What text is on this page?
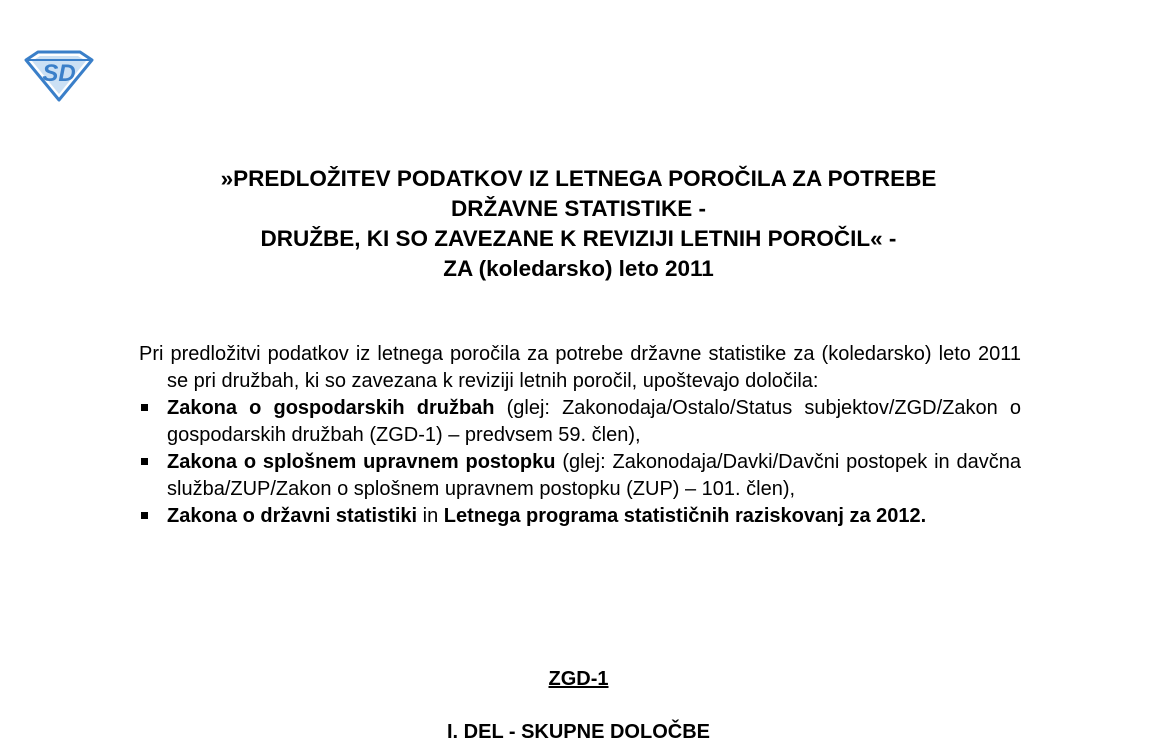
SD
»PREDLOŽITEV PODATKOV IZ LETNEGA POROČILA ZA POTREBE
DRŽAVNE STATISTIKE -
DRUŽBE, KI SO ZAVEZANE K REVIZIJI LETNIH POROČIL« -
ZA (koledarsko) leto 2011

Pri predložitvi podatkov iz letnega poročila za potrebe državne statistike za (koledarsko) leto 2011 se pri družbah, ki so zavezana k reviziji letnih poročil, upoštevajo določila:

Zakona o gospodarskih družbah (glej: Zakonodaja/Ostalo/Status subjektov/ZGD/Zakon o gospodarskih družbah (ZGD-1) – predvsem 59. člen),
Zakona o splošnem upravnem postopku (glej: Zakonodaja/Davki/Davčni postopek in davčna služba/ZUP/Zakon o splošnem upravnem postopku (ZUP) – 101. člen),
Zakona o državni statistiki in Letnega programa statističnih raziskovanj za 2012.
ZGD-1
I. DEL - SKUPNE DOLOČBE
